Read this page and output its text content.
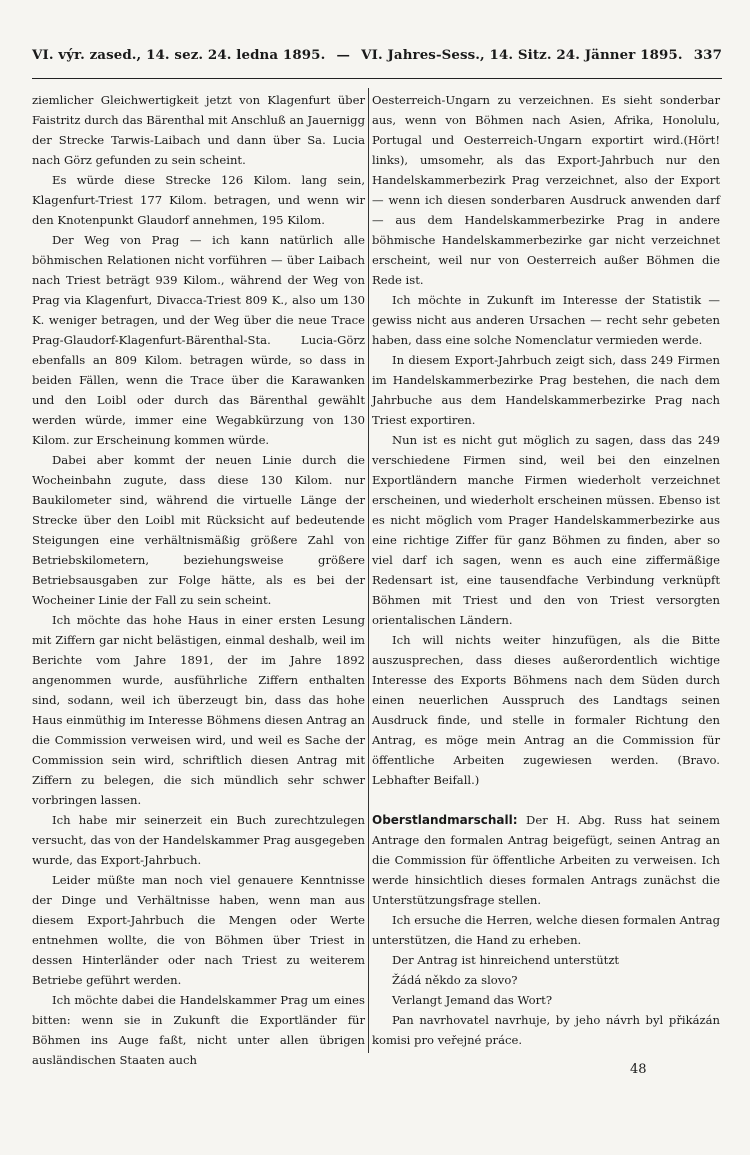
VI. výr. zased., 14. sez. 24. ledna 1895. — VI. Jahres-Sess., 14. Sitz. 24. Jänner 1895. 337

ziemlicher Gleichwertigkeit jetzt von Klagenfurt über Faistritz durch das Bärenthal mit Anschluß an Jauernigg der Strecke Tarwis-Laibach und dann über Sa. Lucia nach Görz gefunden zu sein scheint.

Es würde diese Strecke 126 Kilom. lang sein, Klagenfurt-Triest 177 Kilom. betragen, und wenn wir den Knotenpunkt Glaudorf annehmen, 195 Kilom.

Der Weg von Prag — ich kann natürlich alle böhmischen Relationen nicht vorführen — über Laibach nach Triest beträgt 939 Kilom., während der Weg von Prag via Klagenfurt, Divacca-Triest 809 K., also um 130 K. weniger betragen, und der Weg über die neue Trace Prag-Glaudorf-Klagenfurt-Bärenthal-Sta. Lucia-Görz ebenfalls an 809 Kilom. betragen würde, so dass in beiden Fällen, wenn die Trace über die Karawanken und den Loibl oder durch das Bärenthal gewählt werden würde, immer eine Wegabkürzung von 130 Kilom. zur Erscheinung kommen würde.

Dabei aber kommt der neuen Linie durch die Wocheinbahn zugute, dass diese 130 Kilom. nur Baukilometer sind, während die virtuelle Länge der Strecke über den Loibl mit Rücksicht auf bedeutende Steigungen eine verhältnismäßig größere Zahl von Betriebskilometern, beziehungsweise größere Betriebsausgaben zur Folge hätte, als es bei der Wocheiner Linie der Fall zu sein scheint.

Ich möchte das hohe Haus in einer ersten Lesung mit Ziffern gar nicht belästigen, einmal deshalb, weil im Berichte vom Jahre 1891, der im Jahre 1892 angenommen wurde, ausführliche Ziffern enthalten sind, sodann, weil ich überzeugt bin, dass das hohe Haus einmüthig im Interesse Böhmens diesen Antrag an die Commission verweisen wird, und weil es Sache der Commission sein wird, schriftlich diesen Antrag mit Ziffern zu belegen, die sich mündlich sehr schwer vorbringen lassen.

Ich habe mir seinerzeit ein Buch zurechtzulegen versucht, das von der Handelskammer Prag ausgegeben wurde, das Export-Jahrbuch.

Leider müßte man noch viel genauere Kenntnisse der Dinge und Verhältnisse haben, wenn man aus diesem Export-Jahrbuch die Mengen oder Werte entnehmen wollte, die von Böhmen über Triest in dessen Hinterländer oder nach Triest zu weiterem Betriebe geführt werden.

Ich möchte dabei die Handelskammer Prag um eines bitten: wenn sie in Zukunft die Exportländer für Böhmen ins Auge faßt, nicht unter allen übrigen ausländischen Staaten auch

Oesterreich-Ungarn zu verzeichnen. Es sieht sonderbar aus, wenn von Böhmen nach Asien, Afrika, Honolulu, Portugal und Oesterreich-Ungarn exportirt wird.(Hört! links), umsomehr, als das Export-Jahrbuch nur den Handelskammerbezirk Prag verzeichnet, also der Export — wenn ich diesen sonderbaren Ausdruck anwenden darf — aus dem Handelskammerbezirke Prag in andere böhmische Handelskammerbezirke gar nicht verzeichnet erscheint, weil nur von Oesterreich außer Böhmen die Rede ist.

Ich möchte in Zukunft im Interesse der Statistik — gewiss nicht aus anderen Ursachen — recht sehr gebeten haben, dass eine solche Nomenclatur vermieden werde.

In diesem Export-Jahrbuch zeigt sich, dass 249 Firmen im Handelskammerbezirke Prag bestehen, die nach dem Jahrbuche aus dem Handelskammerbezirke Prag nach Triest exportiren.

Nun ist es nicht gut möglich zu sagen, dass das 249 verschiedene Firmen sind, weil bei den einzelnen Exportländern manche Firmen wiederholt verzeichnet erscheinen, und wiederholt erscheinen müssen. Ebenso ist es nicht möglich vom Prager Handelskammerbezirke aus eine richtige Ziffer für ganz Böhmen zu finden, aber so viel darf ich sagen, wenn es auch eine ziffermäßige Redensart ist, eine tausendfache Verbindung verknüpft Böhmen mit Triest und den von Triest versorgten orientalischen Ländern.

Ich will nichts weiter hinzufügen, als die Bitte auszusprechen, dass dieses außerordentlich wichtige Interesse des Exports Böhmens nach dem Süden durch einen neuerlichen Ausspruch des Landtags seinen Ausdruck finde, und stelle in formaler Richtung den Antrag, es möge mein Antrag an die Commission für öffentliche Arbeiten zugewiesen werden. (Bravo. Lebhafter Beifall.)

Oberstlandmarschall: Der H. Abg. Russ hat seinem Antrage den formalen Antrag beigefügt, seinen Antrag an die Commission für öffentliche Arbeiten zu verweisen. Ich werde hinsichtlich dieses formalen Antrags zunächst die Unterstützungsfrage stellen.

Ich ersuche die Herren, welche diesen formalen Antrag unterstützen, die Hand zu erheben.

Der Antrag ist hinreichend unterstützt

Žádá někdo za slovo?

Verlangt Jemand das Wort?

Pan navrhovatel navrhuje, by jeho návrh byl přikázán komisi pro veřejné práce.

48
